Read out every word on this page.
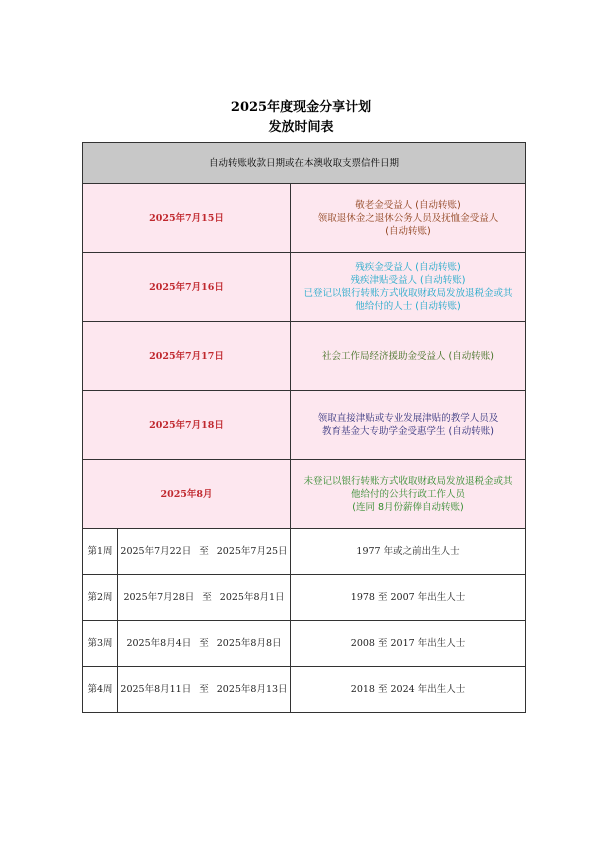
2025年度现金分享计划
发放时间表
自动转账收款日期或在本澳收取支票信件日期		
2025年7月15日		敬老金受益人 (自动转账)
领取退休金之退休公务人员及抚恤金受益人
(自动转账)

2025年7月16日		残疾金受益人 (自动转账)
残疾津贴受益人 (自动转账)
已登记以银行转账方式收取财政局发放退税金或其
他给付的人士 (自动转账)

2025年7月17日		社会工作局经济援助金受益人 (自动转账)

2025年7月18日		领取直接津贴或专业发展津贴的教学人员及
教育基金大专助学金受惠学生 (自动转账)

2025年8月		未登记以银行转账方式收取财政局发放退税金或其
他给付的公共行政工作人员
(连同 8月份薪俸自动转账)

第1周	2025年7月22日 至 2025年7月25日	1977 年或之前出生人士
第2周	2025年7月28日 至 2025年8月1日	1978 至 2007 年出生人士
第3周	2025年8月4日 至 2025年8月8日	2008 至 2017 年出生人士
第4周	2025年8月11日 至 2025年8月13日	2018 至 2024 年出生人士
